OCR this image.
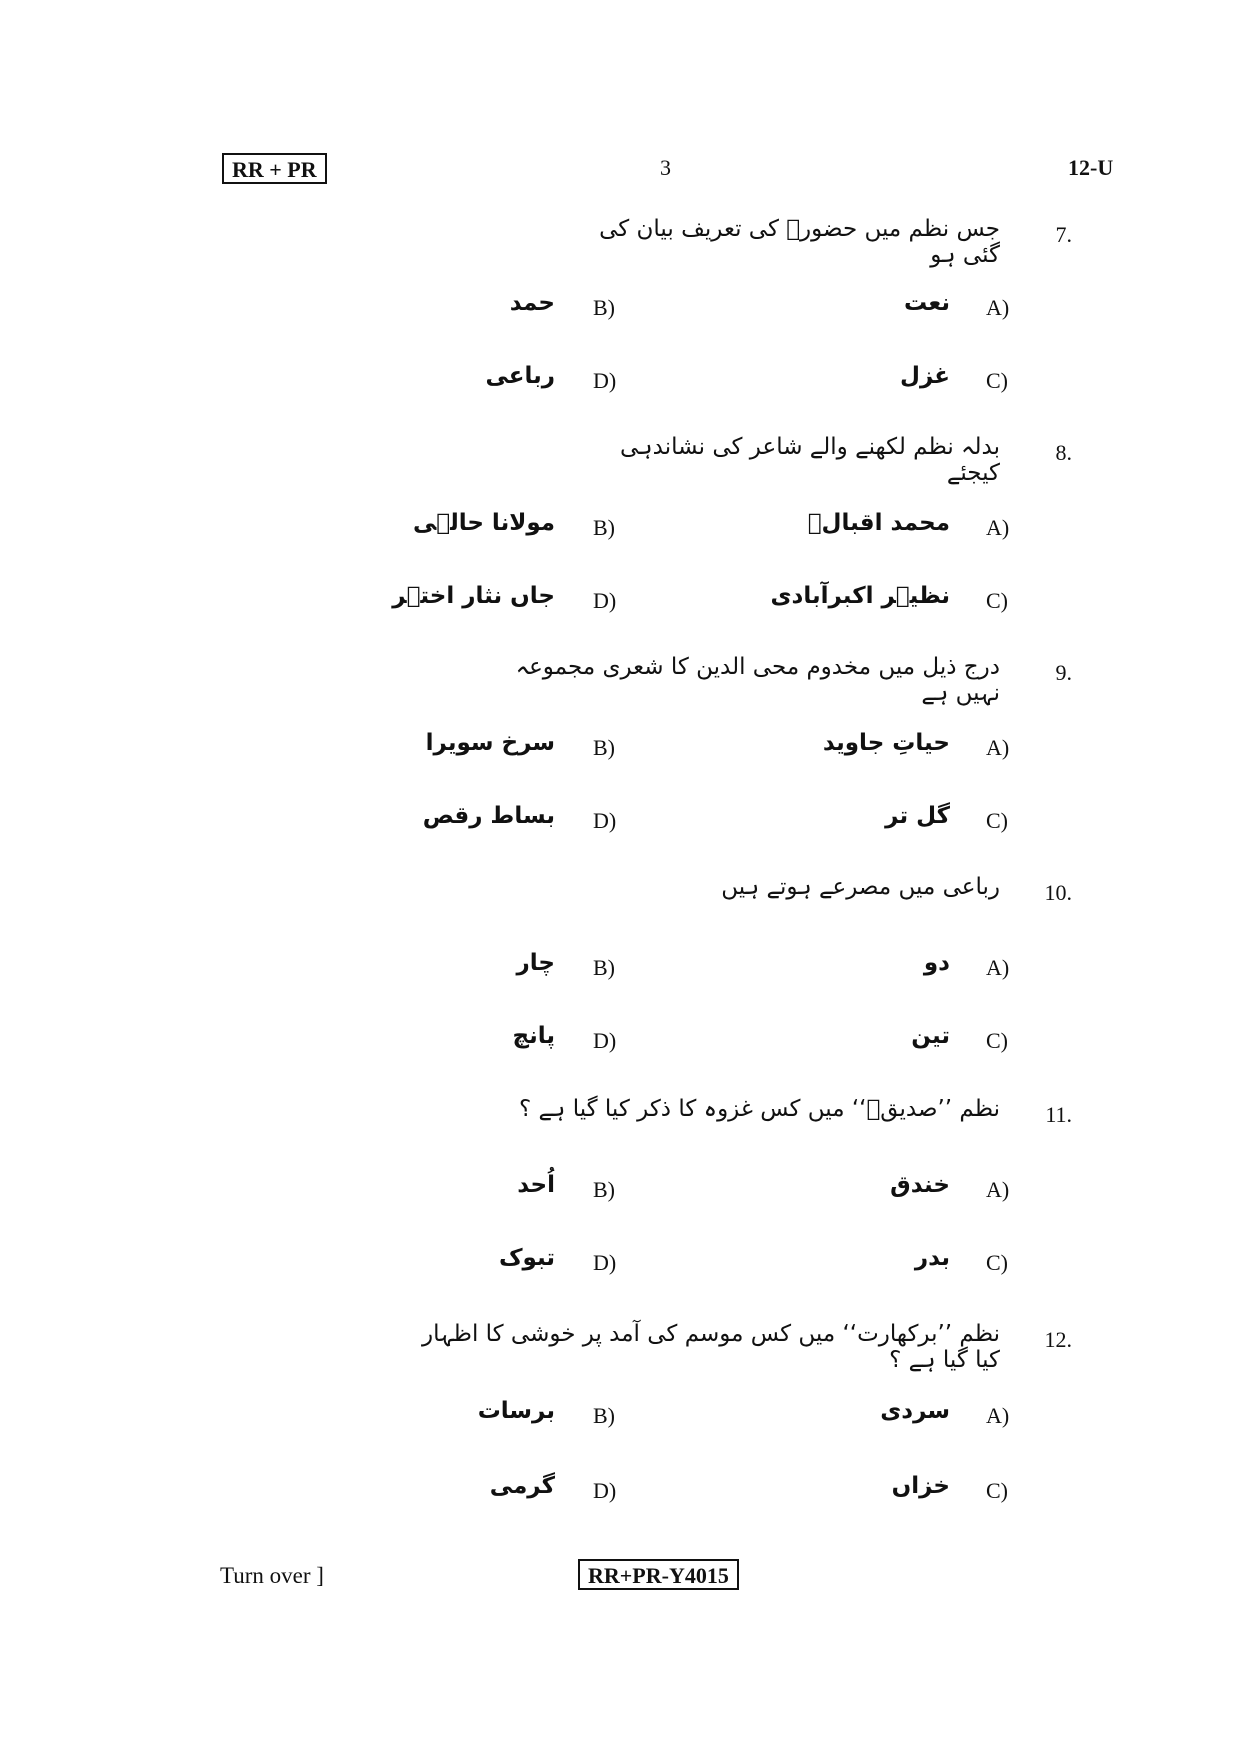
RR + PR	3	12-U
7.
جس نظم میں حضورؐ کی تعریف بیان کی گئی ہو
A)
نعت
B)
حمد
C)
غزل
D)
رباعی
8.
بدلہ نظم لکھنے والے شاعر کی نشاندہی کیجئے
A)
محمد اقبالؔ
B)
مولانا حالؔی
C)
نظیؔر اکبرآبادی
D)
جاں نثار اختؔر
9.
درج ذیل میں مخدوم محی الدین کا شعری مجموعہ نہیں ہے
A)
حیاتِ جاوید
B)
سرخ سویرا
C)
گل تر
D)
بساط رقص
10.
رباعی میں مصرعے ہوتے ہیں
A)
دو
B)
چار
C)
تین
D)
پانچ
11.
نظم ’’صدیقؓ‘‘ میں کس غزوہ کا ذکر کیا گیا ہے ؟
A)
خندق
B)
اُحد
C)
بدر
D)
تبوک
12.
نظم ’’برکھارت‘‘ میں کس موسم کی آمد پر خوشی کا اظہار کیا گیا ہے ؟
A)
سردی
B)
برسات
C)
خزاں
D)
گرمی
Turn over ]	RR+PR-Y4015
